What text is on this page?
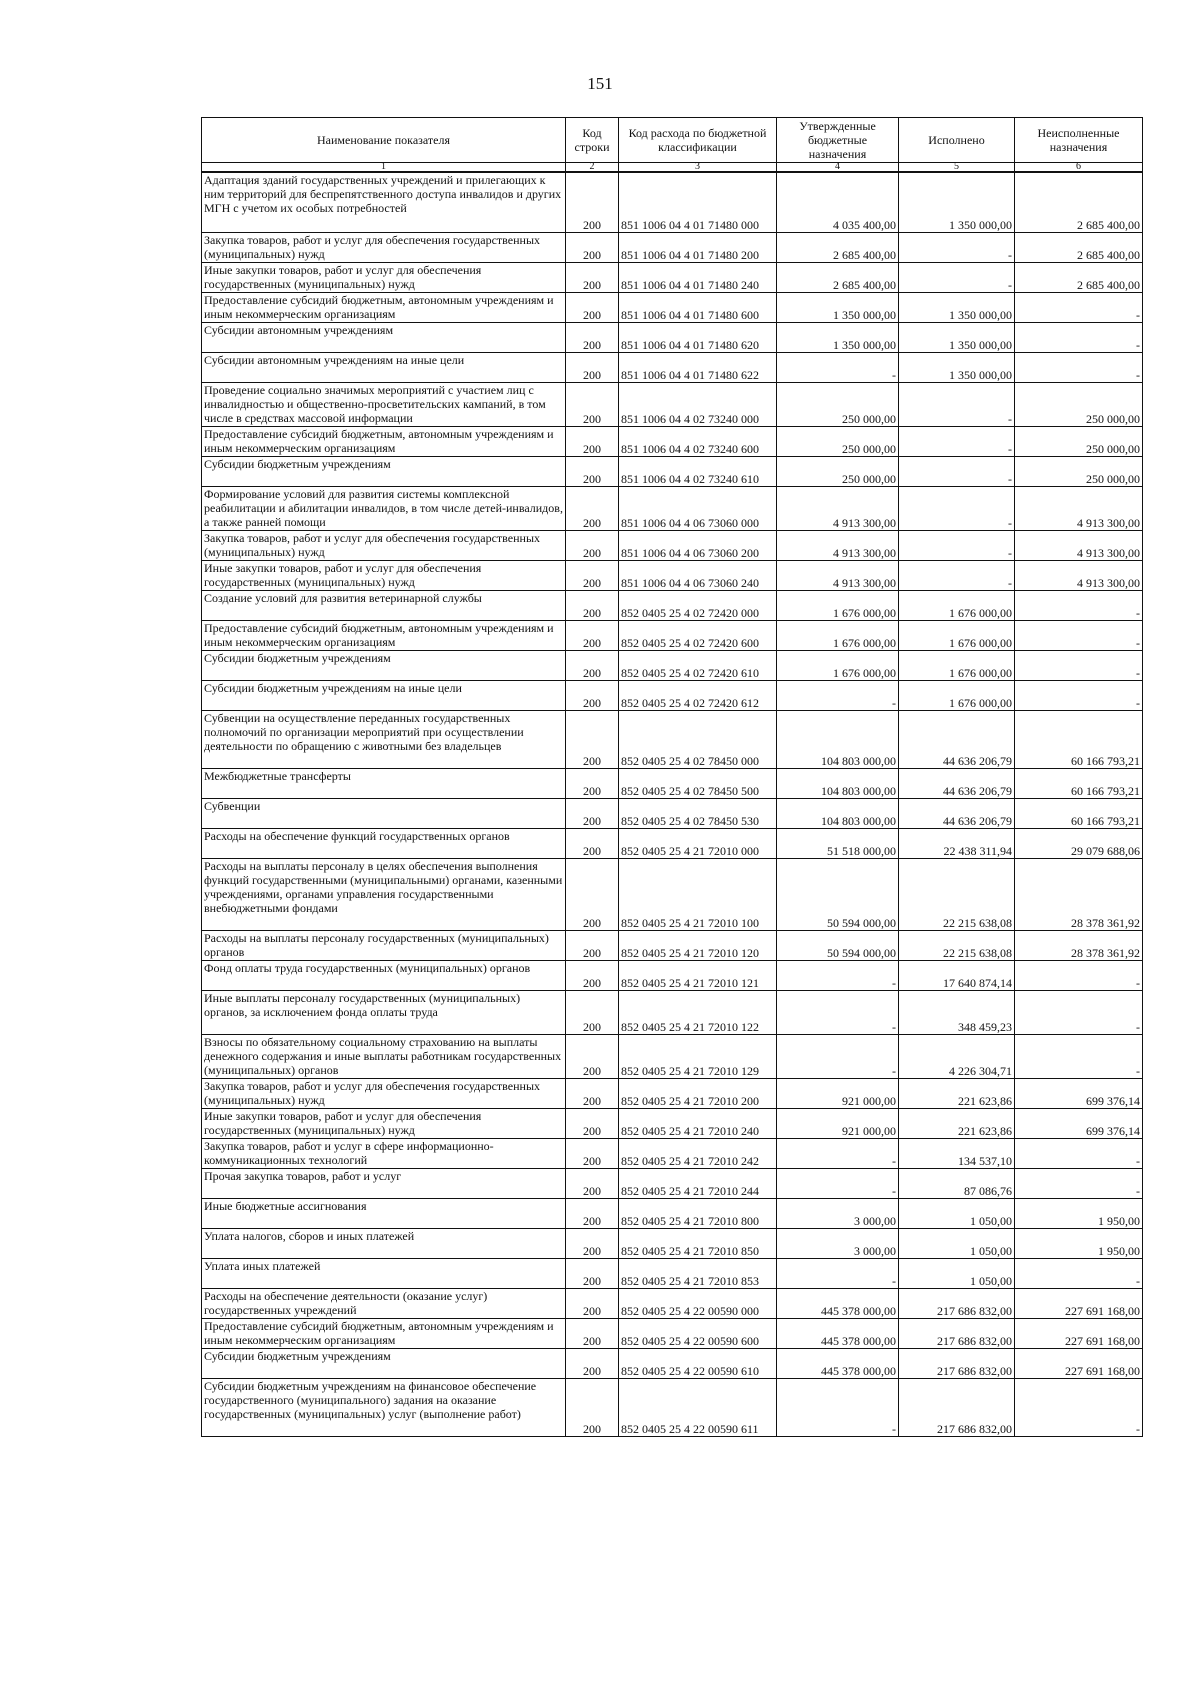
151
Наименование показателя	Код строки	Код расхода по бюджетной классификации	Утвержденные бюджетные назначения	Исполнено	Неисполненные назначения
1	2	3	4	5	6
Адаптация зданий государственных учреждений и прилегающих к ним территорий для беспрепятственного доступа инвалидов и других МГН с учетом их особых потребностей	200	851 1006 04 4 01 71480 000	4 035 400,00	1 350 000,00	2 685 400,00
Закупка товаров, работ и услуг для обеспечения государственных (муниципальных) нужд	200	851 1006 04 4 01 71480 200	2 685 400,00	-	2 685 400,00
Иные закупки товаров, работ и услуг для обеспечения государственных (муниципальных) нужд	200	851 1006 04 4 01 71480 240	2 685 400,00	-	2 685 400,00
Предоставление субсидий бюджетным, автономным учреждениям и иным некоммерческим организациям	200	851 1006 04 4 01 71480 600	1 350 000,00	1 350 000,00	-
Субсидии автономным учреждениям	200	851 1006 04 4 01 71480 620	1 350 000,00	1 350 000,00	-
Субсидии автономным учреждениям на иные цели	200	851 1006 04 4 01 71480 622	-	1 350 000,00	-
Проведение социально значимых мероприятий с участием лиц с инвалидностью и общественно-просветительских кампаний, в том числе в средствах массовой информации	200	851 1006 04 4 02 73240 000	250 000,00	-	250 000,00
Предоставление субсидий бюджетным, автономным учреждениям и иным некоммерческим организациям	200	851 1006 04 4 02 73240 600	250 000,00	-	250 000,00
Субсидии бюджетным учреждениям	200	851 1006 04 4 02 73240 610	250 000,00	-	250 000,00
Формирование условий для развития системы комплексной реабилитации и абилитации инвалидов, в том числе детей-инвалидов, а также ранней помощи	200	851 1006 04 4 06 73060 000	4 913 300,00	-	4 913 300,00
Закупка товаров, работ и услуг для обеспечения государственных (муниципальных) нужд	200	851 1006 04 4 06 73060 200	4 913 300,00	-	4 913 300,00
Иные закупки товаров, работ и услуг для обеспечения государственных (муниципальных) нужд	200	851 1006 04 4 06 73060 240	4 913 300,00	-	4 913 300,00
Создание условий для развития ветеринарной службы	200	852 0405 25 4 02 72420 000	1 676 000,00	1 676 000,00	-
Предоставление субсидий бюджетным, автономным учреждениям и иным некоммерческим организациям	200	852 0405 25 4 02 72420 600	1 676 000,00	1 676 000,00	-
Субсидии бюджетным учреждениям	200	852 0405 25 4 02 72420 610	1 676 000,00	1 676 000,00	-
Субсидии бюджетным учреждениям на иные цели	200	852 0405 25 4 02 72420 612	-	1 676 000,00	-
Субвенции на осуществление переданных государственных полномочий по организации мероприятий при осуществлении деятельности по обращению с животными без владельцев	200	852 0405 25 4 02 78450 000	104 803 000,00	44 636 206,79	60 166 793,21
Межбюджетные трансферты	200	852 0405 25 4 02 78450 500	104 803 000,00	44 636 206,79	60 166 793,21
Субвенции	200	852 0405 25 4 02 78450 530	104 803 000,00	44 636 206,79	60 166 793,21
Расходы на обеспечение функций государственных органов	200	852 0405 25 4 21 72010 000	51 518 000,00	22 438 311,94	29 079 688,06
Расходы на выплаты персоналу в целях обеспечения выполнения функций государственными (муниципальными) органами, казенными учреждениями, органами управления государственными внебюджетными фондами	200	852 0405 25 4 21 72010 100	50 594 000,00	22 215 638,08	28 378 361,92
Расходы на выплаты персоналу государственных (муниципальных) органов	200	852 0405 25 4 21 72010 120	50 594 000,00	22 215 638,08	28 378 361,92
Фонд оплаты труда государственных (муниципальных) органов	200	852 0405 25 4 21 72010 121	-	17 640 874,14	-
Иные выплаты персоналу государственных (муниципальных) органов, за исключением фонда оплаты труда	200	852 0405 25 4 21 72010 122	-	348 459,23	-
Взносы по обязательному социальному страхованию на выплаты денежного содержания и иные выплаты работникам государственных (муниципальных) органов	200	852 0405 25 4 21 72010 129	-	4 226 304,71	-
Закупка товаров, работ и услуг для обеспечения государственных (муниципальных) нужд	200	852 0405 25 4 21 72010 200	921 000,00	221 623,86	699 376,14
Иные закупки товаров, работ и услуг для обеспечения государственных (муниципальных) нужд	200	852 0405 25 4 21 72010 240	921 000,00	221 623,86	699 376,14
Закупка товаров, работ и услуг в сфере информационно-коммуникационных технологий	200	852 0405 25 4 21 72010 242	-	134 537,10	-
Прочая закупка товаров, работ и услуг	200	852 0405 25 4 21 72010 244	-	87 086,76	-
Иные бюджетные ассигнования	200	852 0405 25 4 21 72010 800	3 000,00	1 050,00	1 950,00
Уплата налогов, сборов и иных платежей	200	852 0405 25 4 21 72010 850	3 000,00	1 050,00	1 950,00
Уплата иных платежей	200	852 0405 25 4 21 72010 853	-	1 050,00	-
Расходы на обеспечение деятельности (оказание услуг) государственных учреждений	200	852 0405 25 4 22 00590 000	445 378 000,00	217 686 832,00	227 691 168,00
Предоставление субсидий бюджетным, автономным учреждениям и иным некоммерческим организациям	200	852 0405 25 4 22 00590 600	445 378 000,00	217 686 832,00	227 691 168,00
Субсидии бюджетным учреждениям	200	852 0405 25 4 22 00590 610	445 378 000,00	217 686 832,00	227 691 168,00
Субсидии бюджетным учреждениям на финансовое обеспечение государственного (муниципального) задания на оказание государственных (муниципальных) услуг (выполнение работ)	200	852 0405 25 4 22 00590 611	-	217 686 832,00	-
